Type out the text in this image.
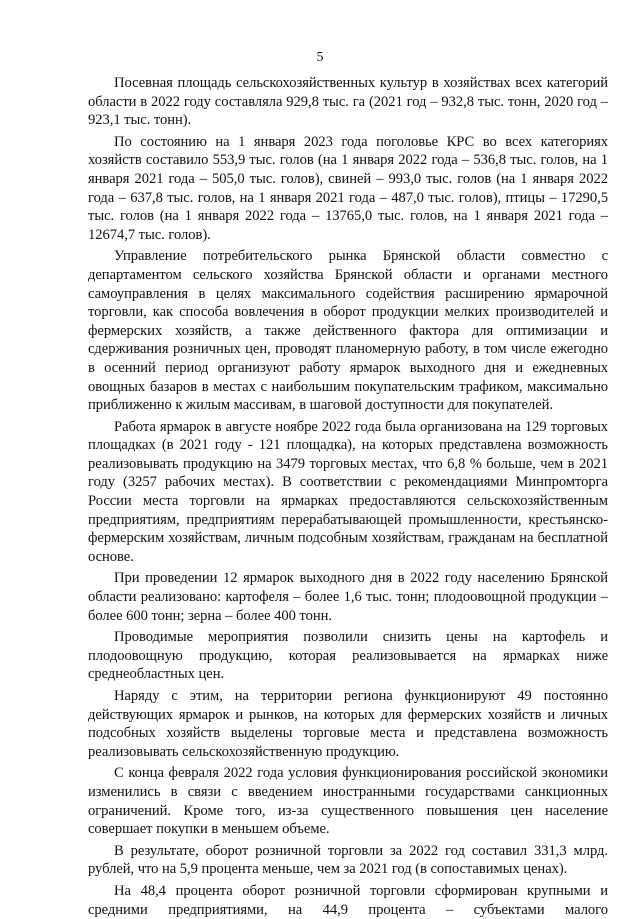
5

Посевная площадь сельскохозяйственных культур в хозяйствах всех категорий области в 2022 году составляла 929,8 тыс. га (2021 год – 932,8 тыс. тонн, 2020 год – 923,1 тыс. тонн).

По состоянию на 1 января 2023 года поголовье КРС во всех категориях хозяйств составило 553,9 тыс. голов (на 1 января 2022 года – 536,8 тыс. голов, на 1 января 2021 года – 505,0 тыс. голов), свиней – 993,0 тыс. голов (на 1 января 2022 года – 637,8 тыс. голов, на 1 января 2021 года – 487,0 тыс. голов), птицы – 17290,5 тыс. голов (на 1 января 2022 года – 13765,0 тыс. голов, на 1 января 2021 года – 12674,7 тыс. голов).

Управление потребительского рынка Брянской области совместно с департаментом сельского хозяйства Брянской области и органами местного самоуправления в целях максимального содействия расширению ярмарочной торговли, как способа вовлечения в оборот продукции мелких производителей и фермерских хозяйств, а также действенного фактора для оптимизации и сдерживания розничных цен, проводят планомерную работу, в том числе ежегодно в осенний период организуют работу ярмарок выходного дня и ежедневных овощных базаров в местах с наибольшим покупательским трафиком, максимально приближенно к жилым массивам, в шаговой доступности для покупателей.

Работа ярмарок в августе ноябре 2022 года была организована на 129 торговых площадках (в 2021 году - 121 площадка), на которых представлена возможность реализовывать продукцию на 3479 торговых местах, что 6,8 % больше, чем в 2021 году (3257 рабочих местах). В соответствии с рекомендациями Минпромторга России места торговли на ярмарках предоставляются сельскохозяйственным предприятиям, предприятиям перерабатывающей промышленности, крестьянско-фермерским хозяйствам, личным подсобным хозяйствам, гражданам на бесплатной основе.

При проведении 12 ярмарок выходного дня в 2022 году населению Брянской области реализовано: картофеля – более 1,6 тыс. тонн; плодоовощной продукции – более 600 тонн; зерна – более 400 тонн.

Проводимые мероприятия позволили снизить цены на картофель и плодоовощную продукцию, которая реализовывается на ярмарках ниже среднеобластных цен.

Наряду с этим, на территории региона функционируют 49 постоянно действующих ярмарок и рынков, на которых для фермерских хозяйств и личных подсобных хозяйств выделены торговые места и представлена возможность реализовывать сельскохозяйственную продукцию.

С конца февраля 2022 года условия функционирования российской экономики изменились в связи с введением иностранными государствами санкционных ограничений. Кроме того, из-за существенного повышения цен население совершает покупки в меньшем объеме.

В результате, оборот розничной торговли за 2022 год составил 331,3 млрд. рублей, что на 5,9 процента меньше, чем за 2021 год (в сопоставимых ценах).

На 48,4 процента оборот розничной торговли сформирован крупными и средними предприятиями, на 44,9 процента – субъектами малого
